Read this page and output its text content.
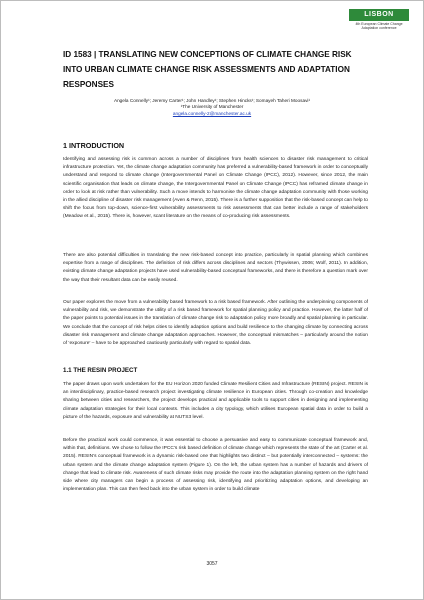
LISBON
4th European Climate Change Adaptation conference
ID 1583 | TRANSLATING NEW CONCEPTIONS OF CLIMATE CHANGE RISK INTO URBAN CLIMATE CHANGE RISK ASSESSMENTS AND ADAPTATION RESPONSES
Angela Connelly¹; Jeremy Carter¹; John Handley¹; Stephen Hincks¹; Somayeh Taheri Moosavi¹
¹The University of Manchester
angela.connelly-2@manchester.ac.uk
1 INTRODUCTION
Identifying and assessing risk is common across a number of disciplines from health sciences to disaster risk management to critical infrastructure protection. Yet, the climate change adaptation community has preferred a vulnerability-based framework in order to conceptually understand and respond to climate change (Intergovernmental Panel on Climate Change (IPCC), 2012). However, since 2012, the main scientific organisation that leads on climate change, the Intergovernmental Panel on Climate Change (IPCC) has reframed climate change in order to look at risk rather than vulnerability. Such a move intends to harmonise the climate change adaptation community with those working in the allied discipline of disaster risk management (Aven & Renn, 2015). There is a further supposition that the risk-based concept can help to shift the focus from top-down, science-first vulnerability assessments to risk assessments that can better include a range of stakeholders (Meadow et al., 2015). There is, however, scant literature on the means of co-producing risk assessments.
There are also potential difficulties in translating the new risk-based concept into practice, particularly in spatial planning which combines expertise from a range of disciplines. The definition of risk differs across disciplines and sectors (Thywissen, 2006; Wolf, 2011). In addition, existing climate change adaptation projects have used vulnerability-based conceptual frameworks, and there is therefore a question mark over the way that their resultant data can be easily reused.
Our paper explores the move from a vulnerability based framework to a risk based framework. After outlining the underpinning components of vulnerability and risk, we demonstrate the utility of a risk based framework for spatial planning policy and practice. However, the latter half of the paper points to potential issues in the translation of climate change risk to adaptation policy more broadly and spatial planning in particular. We conclude that the concept of risk helps cities to identify adaption options and build resilience to the changing climate by connecting across disaster risk management and climate change adaptation approaches. However, the conceptual mismatches – particularly around the notion of ‘exposure’ – have to be approached cautiously particularly with regard to spatial data.
1.1 THE RESIN PROJECT
The paper draws upon work undertaken for the EU Horizon 2020 funded Climate Resilient Cities and Infrastructure (RESIN) project. RESIN is an interdisciplinary, practice-based research project investigating climate resilience in European cities. Through co-creation and knowledge sharing between cities and researchers, the project develops practical and applicable tools to support cities in designing and implementing climate adaptation strategies for their local contexts. This includes a city typology, which utilises European spatial data in order to build a picture of the hazards, exposure and vulnerability at NUTS3 level.
Before the practical work could commence, it was essential to choose a persuasive and easy to communicate conceptual framework and, within that, definitions. We chose to follow the IPCC’s risk based definition of climate change which represents the state of the art (Carter et al. 2015). RESIN’s conceptual framework is a dynamic risk-based one that highlights two distinct – but potentially interconnected – systems: the urban system and the climate change adaptation system (Figure 1). On the left, the urban system has a number of hazards and drivers of change that lead to climate risk. Awareness of such climate risks may provide the route into the adaptation planning system on the right hand side where city managers can begin a process of assessing risk, identifying and prioritizing adaptation options, and developing an implementation plan. This can then feed back into the urban system in order to build climate
3057
